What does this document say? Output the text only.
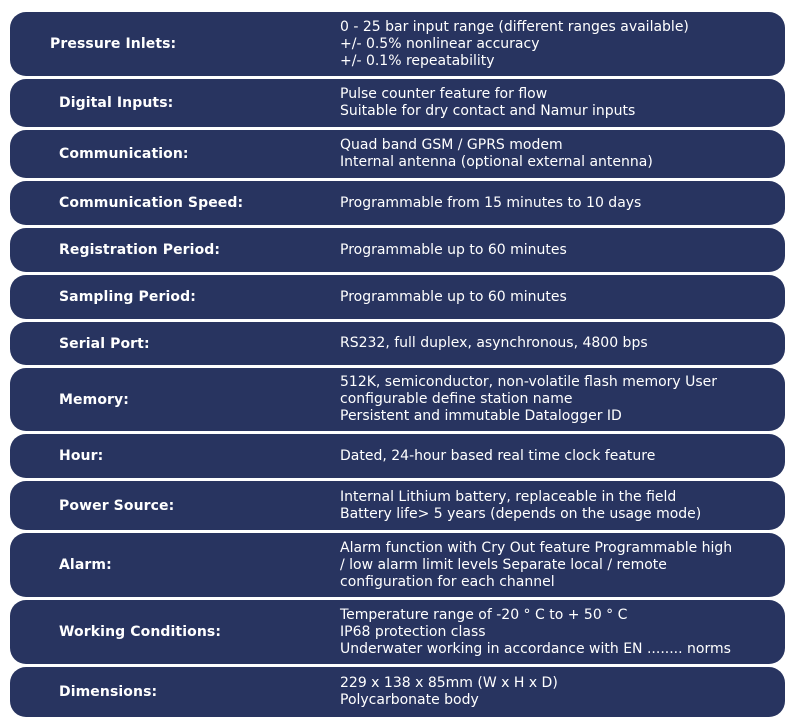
Pressure Inlets:
0 - 25 bar input range (different ranges available)
+/- 0.5% nonlinear accuracy
+/- 0.1% repeatability
Digital Inputs:
Pulse counter feature for flow
Suitable for dry contact and Namur inputs
Communication:
Quad band GSM / GPRS modem
Internal antenna (optional external antenna)
Communication Speed:	Programmable from 15 minutes to 10 days
Registration Period:	Programmable up to 60 minutes
Sampling Period:	Programmable up to 60 minutes
Serial Port:	RS232, full duplex, asynchronous, 4800 bps
Memory:
512K, semiconductor, non-volatile flash memory User
configurable define station name
Persistent and immutable Datalogger ID
Hour:	Dated, 24-hour based real time clock feature
Power Source:
Internal Lithium battery, replaceable in the field
Battery life> 5 years (depends on the usage mode)
Alarm:
Alarm function with Cry Out feature Programmable high
/ low alarm limit levels Separate local / remote
configuration for each channel
Working Conditions:
Temperature range of -20 ° C to + 50 ° C
IP68 protection class
Underwater working in accordance with EN ........ norms
Dimensions:
229 x 138 x 85mm (W x H x D)
Polycarbonate body
